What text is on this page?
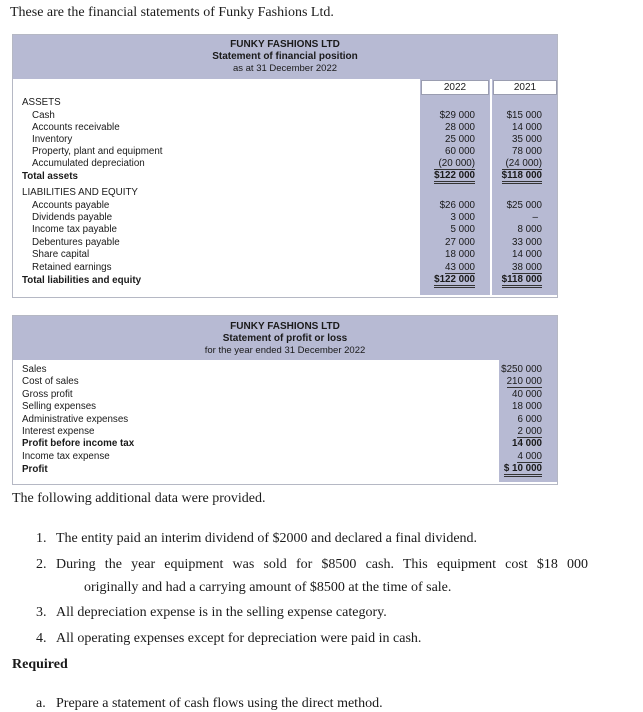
These are the financial statements of Funky Fashions Ltd.
FUNKY FASHIONS LTD
Statement of financial position
as at 31 December 2022
2022	2021
ASSETS
Cash	$29 000	$15 000
Accounts receivable	28 000	14 000
Inventory	25 000	35 000
Property, plant and equipment	60 000	78 000
Accumulated depreciation	(20 000)	(24 000)
Total assets	$122 000	$118 000
LIABILITIES AND EQUITY
Accounts payable	$26 000	$25 000
Dividends payable	3 000	–
Income tax payable	5 000	8 000
Debentures payable	27 000	33 000
Share capital	18 000	14 000
Retained earnings	43 000	38 000
Total liabilities and equity	$122 000	$118 000
FUNKY FASHIONS LTD
Statement of profit or loss
for the year ended 31 December 2022
Sales	$250 000
Cost of sales	210 000
Gross profit	40 000
Selling expenses	18 000
Administrative expenses	6 000
Interest expense	2 000
Profit before income tax	14 000
Income tax expense	4 000
Profit	$ 10 000
The following additional data were provided.
1. The entity paid an interim dividend of $2000 and declared a final dividend.
2. During the year equipment was sold for $8500 cash. This equipment cost $18 000
originally and had a carrying amount of $8500 at the time of sale.
3. All depreciation expense is in the selling expense category.
4. All operating expenses except for depreciation were paid in cash.
Required
a. Prepare a statement of cash flows using the direct method.
